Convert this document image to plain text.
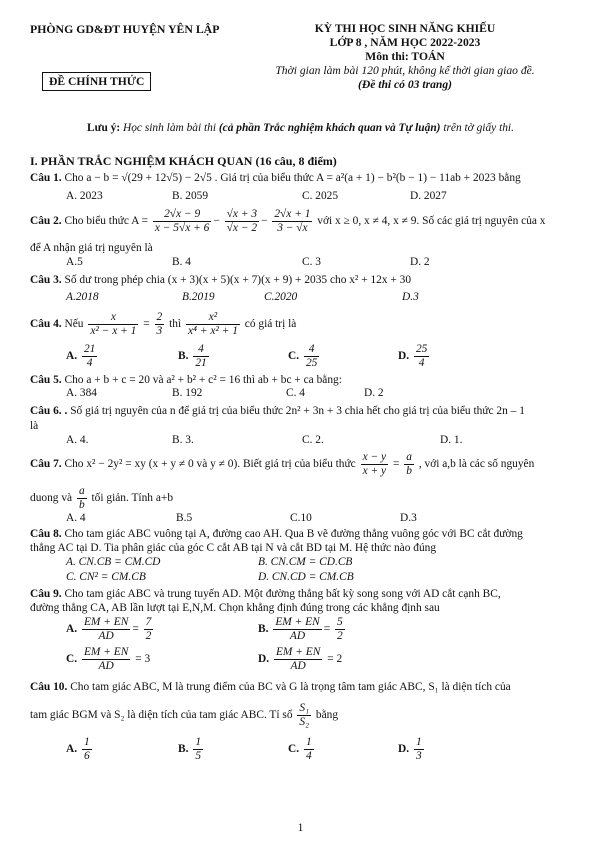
PHÒNG GD&ĐT HUYỆN YÊN LẬP
ĐỀ CHÍNH THỨC
KỲ THI HỌC SINH NĂNG KHIẾU
LỚP 8 , NĂM HỌC 2022-2023
Môn thi: TOÁN
Thời gian làm bài 120 phút, không kể thời gian giao đề.
(Đề thi có 03 trang)
Lưu ý: Học sinh làm bài thi (cả phần Trắc nghiệm khách quan và Tự luận) trên tờ giấy thi.
I. PHẦN TRẮC NGHIỆM KHÁCH QUAN (16 câu, 8 điểm)
Câu 1. Cho a − b = √(29 + 12√5) − 2√5 . Giá trị của biểu thức A = a²(a + 1) − b²(b − 1) − 11ab + 2023 bằng
A. 2023	B. 2059	C. 2025	D. 2027
Câu 2. Cho biểu thức $A = \frac{2√x - 9}{x - 5√x + 6} - \frac{√x + 3}{√x - 2} - \frac{2√x + 1}{3 - √x}$ với x ≥ 0, x ≠ 4, x ≠ 9. Số các giá trị nguyên của x
để A nhận giá trị nguyên là
A.5	B. 4	C. 3	D. 2
Câu 3. Số dư trong phép chia (x + 3)(x + 5)(x + 7)(x + 9) + 2035 cho x² + 12x + 30
A.2018	B.2019	C.2020	D.3
Câu 4. Nếu $\frac{x}{\text{x² − x + 1}} = \frac{2}{3}$ thì $\frac{\text{x²}}{\text{x⁴ + x² + 1}}$ có giá trị là
A. $\frac{21}{4}$	B. $\frac{4}{21}$	C. $\frac{4}{25}$	D. $\frac{25}{4}$
Câu 5. Cho a + b + c = 20 và a² + b² + c² = 16 thì ab + bc + ca bằng:
A. 384	B. 192	C. 4	D. 2
Câu 6. . Số giá trị nguyên của n để giá trị của biểu thức 2n² + 3n + 3 chia hết cho giá trị của biểu thức 2n – 1
là
A. 4.	B. 3.	C. 2.	D. 1.
Câu 7. Cho x² − 2y² = xy (x + y ≠ 0 và y ≠ 0). Biết giá trị của biểu thức $\frac{x - y}{x + y} = \frac{a}{b}$ , với a,b là các số nguyên
duong và $\frac{a}{b}$ tối giản. Tính a+b
A. 4	B.5	C.10	D.3
Câu 8. Cho tam giác ABC vuông tại A, đường cao AH. Qua B vẽ đường thẳng vuông góc với BC cắt đường
thẳng AC tại D. Tia phân giác của góc C cắt AB tại N và cắt BD tại M. Hệ thức nào đúng
A. CN.CB = CM.CD	B. CN.CM = CD.CB
C. CN² = CM.CB	D. CN.CD = CM.CB
Câu 9. Cho tam giác ABC và trung tuyến AD. Một đường thẳng bất kỳ song song với AD cắt cạnh BC,
đường thẳng CA, AB lần lượt tại E,N,M. Chọn khẳng định đúng trong các khẳng định sau
A. $\frac{EM + EN}{AD} = \frac{7}{2}$	B. $\frac{EM + EN}{AD} = \frac{5}{2}$
C. $\frac{EM + EN}{AD} = 3$	D. $\frac{EM + EN}{AD} = 2$
Câu 10. Cho tam giác ABC, M là trung điểm của BC và G là trọng tâm tam giác ABC, S₁ là diện tích của
tam giác BGM và S₂ là diện tích của tam giác ABC. Tỉ số $\frac{\text{S₁}}{\text{S₂}}$ bằng
A. $\frac{1}{6}$	B. $\frac{1}{5}$	C. $\frac{1}{4}$	D. $\frac{1}{3}$
1
